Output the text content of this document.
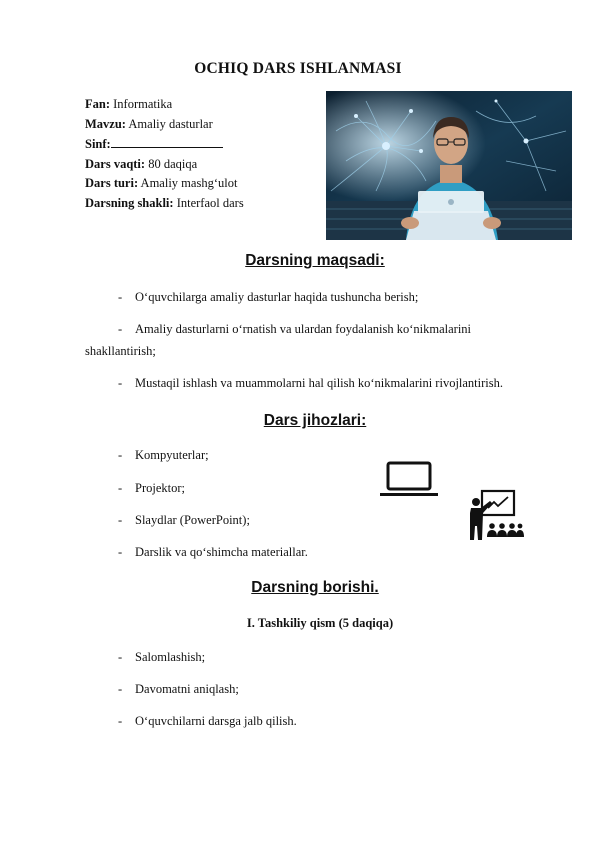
OCHIQ DARS ISHLANMASI
Fan: Informatika
Mavzu: Amaliy dasturlar
Sinf:
Dars vaqti: 80 daqiqa
Dars turi: Amaliy mashg‘ulot
Darsning shakli: Interfaol dars
Darsning maqsadi:
- O‘quvchilarga amaliy dasturlar haqida tushuncha berish;
- Amaliy dasturlarni o‘rnatish va ulardan foydalanish ko‘nikmalarini
shakllantirish;
- Mustaqil ishlash va muammolarni hal qilish ko‘nikmalarini rivojlantirish.
Dars jihozlari:
- Kompyuterlar;
- Projektor;
- Slaydlar (PowerPoint);
- Darslik va qo‘shimcha materiallar.
Darsning borishi.
I. Tashkiliy qism (5 daqiqa)
- Salomlashish;
- Davomatni aniqlash;
- O‘quvchilarni darsga jalb qilish.
